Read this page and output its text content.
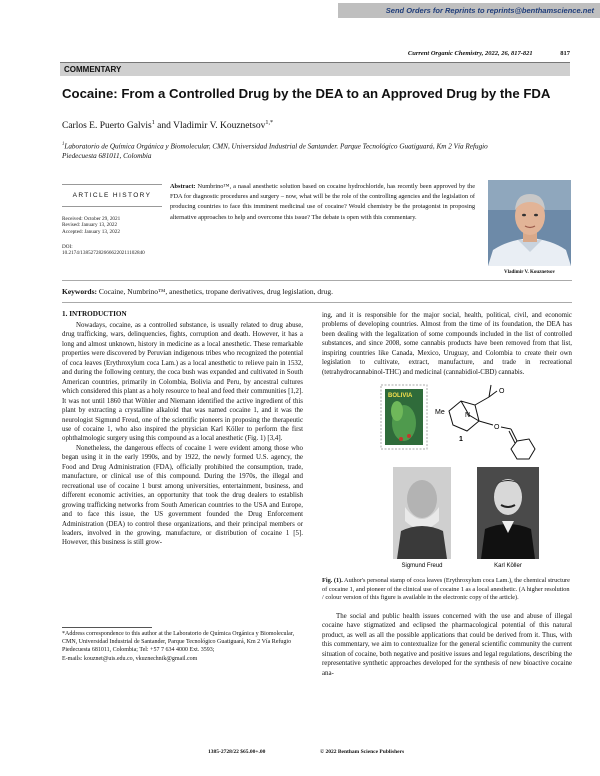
Send Orders for Reprints to reprints@benthamscience.net
Current Organic Chemistry, 2022, 26, 817-821	817
COMMENTARY
Cocaine: From a Controlled Drug by the DEA to an Approved Drug by the FDA
Carlos E. Puerto Galvis$^1$ and Vladimir V. Kouznetsov$^{1,*}$
$^1$Laboratorio de Química Orgánica y Biomolecular, CMN, Universidad Industrial de Santander. Parque Tecnológico Guatiguará, Km 2 Vía Refugio Piedecuesta 681011, Colombia
ARTICLE HISTORY
Received: October 29, 2021
Revised: January 13, 2022
Accepted: January 13, 2022
DOI:
10.2174/1385272826666220211102840
Abstract: Numbrino™, a nasal anesthetic solution based on cocaine hydrochloride, has recently been approved by the FDA for diagnostic procedures and surgery – now, what will be the role of the controlling agencies and the legislation of producing countries to face this imminent medicinal use of cocaine? Would chemistry be the protagonist in proposing alternative approaches to help and overcome this issue? The debate is open with this commentary.
Vladimir V. Kouznetsov
Keywords: Cocaine, Numbrino™, anesthetics, tropane derivatives, drug legislation, drug.
1. INTRODUCTION

Nowadays, cocaine, as a controlled substance, is usually related to drug abuse, drug trafficking, wars, delinquencies, fights, corruption and death. However, it has a long and almost unknown, history in medicine as a local anesthetic. These remarkable properties were discovered by Peruvian indigenous tribes who recognized the potential of coca leaves (Erythroxylum coca Lam.) as a local anesthetic to relieve pain in 1532, and during the following century, the coca bush was expanded and cultivated in South American countries, primarily in Colombia, Bolivia and Peru, by ancestral cultures which considered this plant as a holy resource to heal and feed their communities [1,2]. It was not until 1860 that Wöhler and Niemann identified the active ingredient of this plant by extracting a crystalline alkaloid that was named cocaine 1, and it was the neurologist Sigmund Freud, one of the scientific pioneers in proposing the therapeutic use of cocaine 1, who also inspired the physician Karl Köller to perform the first ophthalmologic surgery using this compound as a local anesthetic (Fig. 1) [3,4].

Nonetheless, the dangerous effects of cocaine 1 were evident among those who began using it in the early 1990s, and by 1922, the newly formed U.S. agency, the Food and Drug Administration (FDA), officially prohibited the consumption, trade, manufacture, or clinical use of this compound. During the 1970s, the illegal and recreational use of cocaine 1 burst among universities, entertainment, business, and different economic activities, an opportunity that took the drug dealers to establish growing trafficking networks from South American countries to the USA and Europe, and to face this issue, the US government founded the Drug Enforcement Administration (DEA) to control these organizations, and their principal members or leaders, involved in the growing, manufacture, or distribution of cocaine 1 [5]. However, this business is still grow-

ing, and it is responsible for the major social, health, political, civil, and economic problems of developing countries. Almost from the time of its foundation, the DEA has been dealing with the legalization of some compounds included in the list of controlled substances, and since 2008, some cannabis products have been removed from that list, inspiring countries like Canada, Mexico, Uruguay, and Colombia to create their own legislation to cultivate, extract, manufacture, and trade in recreational (tetrahydrocannabinol-THC) and medicinal (cannabidiol-CBD) cannabis.

BOLIVIA
Me	N
O
O
1
Sigmund Freud	Karl Köller
Fig. (1). Author's personal stamp of coca leaves (Erythroxylum coca Lam.), the chemical structure of cocaine 1, and pioneer of the clinical use of cocaine 1 as a local anesthetic. (A higher resolution / colour version of this figure is available in the electronic copy of the article).

The social and public health issues concerned with the use and abuse of illegal cocaine have stigmatized and eclipsed the pharmacological potential of this natural product, as well as all the possible applications that could be derived from it. Thus, with this commentary, we aim to contextualize for the general scientific community the current situation of cocaine, both negative and positive issues and legal regulations, describing the representative synthetic approaches developed for the synthesis of new bioactive cocaine ana-

*Address correspondence to this author at the Laboratorio de Química Orgánica y Biomolecular, CMN, Universidad Industrial de Santander, Parque Tecnológico Guatiguará, Km 2 Vía Refugio Piedecuesta 681011, Colombia; Tel: +57 7 634 4000 Ext. 3593;
E-mails: kouznet@uis.edu.co, vkuznechnik@gmail.com
1385-2728/22 $65.00+.00	© 2022 Bentham Science Publishers
